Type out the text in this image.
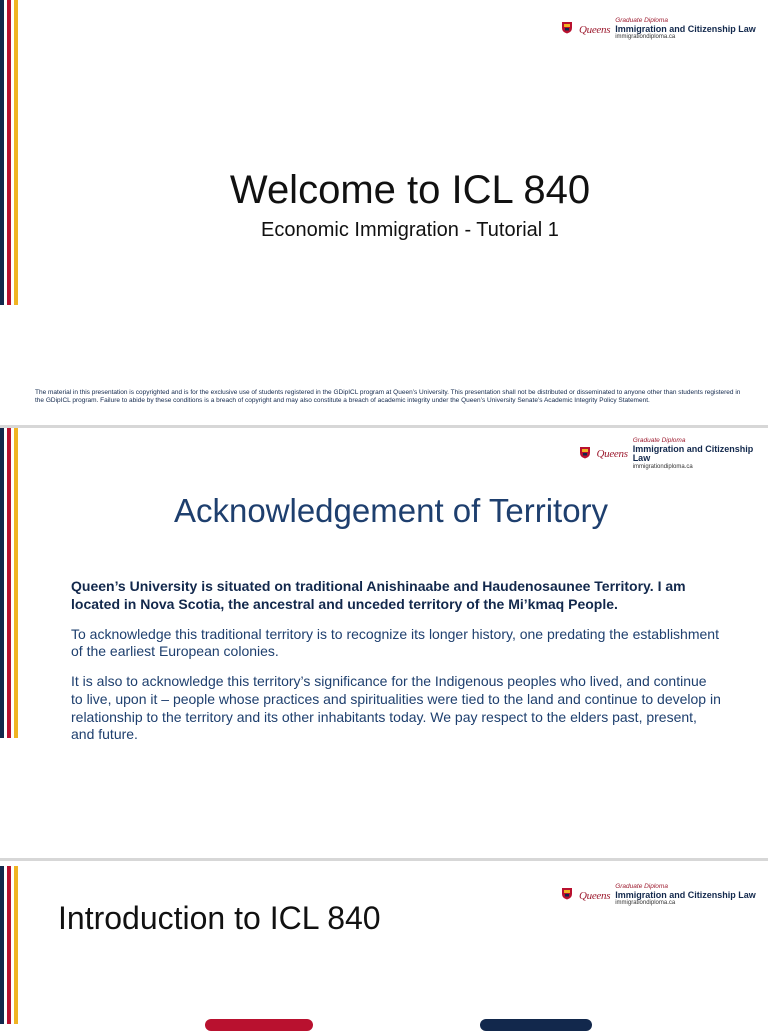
Queens
Graduate Diploma
Immigration and Citizenship Law
immigrationdiploma.ca
Welcome to ICL 840
Economic Immigration - Tutorial 1
The material in this presentation is copyrighted and is for the exclusive use of students registered in the GDipICL program at Queen’s University. This presentation shall not be distributed or disseminated to anyone other than students registered in the GDipICL program. Failure to abide by these conditions is a breach of copyright and may also constitute a breach of academic integrity under the Queen’s University Senate’s Academic Integrity Policy Statement.
Queens
Graduate Diploma
Immigration and Citizenship Law
immigrationdiploma.ca
Acknowledgement of Territory

Queen’s University is situated on traditional Anishinaabe and Haudenosaunee Territory. I am located in Nova Scotia, the ancestral and unceded territory of the Mi’kmaq People.

To acknowledge this traditional territory is to recognize its longer history, one predating the establishment of the earliest European colonies.

It is also to acknowledge this territory’s significance for the Indigenous peoples who lived, and continue to live, upon it – people whose practices and spiritualities were tied to the land and continue to develop in relationship to the territory and its other inhabitants today. We pay respect to the elders past, present, and future.

Queens
Graduate Diploma
Immigration and Citizenship Law
immigrationdiploma.ca
Introduction to ICL 840
